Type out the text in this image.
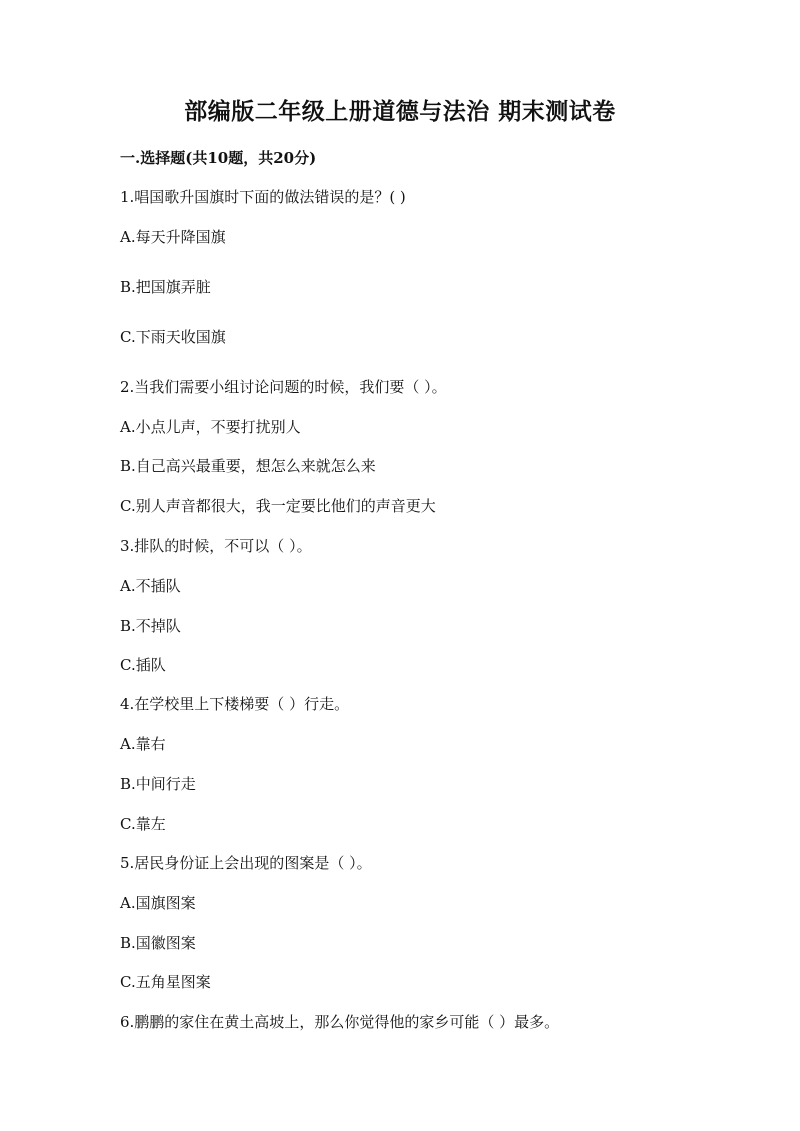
部编版二年级上册道德与法治 期末测试卷
一.选择题(共10题，共20分)
1.唱国歌升国旗时下面的做法错误的是？( )
A.每天升降国旗
B.把国旗弄脏
C.下雨天收国旗
2.当我们需要小组讨论问题的时候，我们要（ ）。
A.小点儿声，不要打扰别人
B.自己高兴最重要，想怎么来就怎么来
C.别人声音都很大，我一定要比他们的声音更大
3.排队的时候，不可以（ ）。
A.不插队
B.不掉队
C.插队
4.在学校里上下楼梯要（ ）行走。
A.靠右
B.中间行走
C.靠左
5.居民身份证上会出现的图案是（ ）。
A.国旗图案
B.国徽图案
C.五角星图案
6.鹏鹏的家住在黄土高坡上，那么你觉得他的家乡可能（ ）最多。
